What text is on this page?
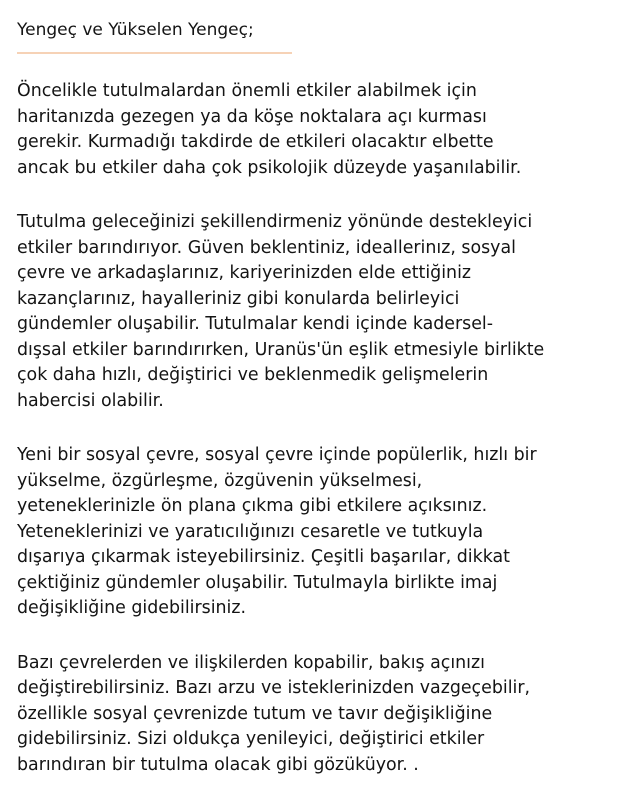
Yengeç ve Yükselen Yengeç;
Öncelikle tutulmalardan önemli etkiler alabilmek için
haritanızda gezegen ya da köşe noktalara açı kurması
gerekir. Kurmadığı takdirde de etkileri olacaktır elbette
ancak bu etkiler daha çok psikolojik düzeyde yaşanılabilir.
Tutulma geleceğinizi şekillendirmeniz yönünde destekleyici
etkiler barındırıyor. Güven beklentiniz, ideallerinız, sosyal
çevre ve arkadaşlarınız, kariyerinizden elde ettiğiniz
kazançlarınız, hayalleriniz gibi konularda belirleyici
gündemler oluşabilir. Tutulmalar kendi içinde kadersel-
dışsal etkiler barındırırken, Uranüs'ün eşlik etmesiyle birlikte
çok daha hızlı, değiştirici ve beklenmedik gelişmelerin
habercisi olabilir.
Yeni bir sosyal çevre, sosyal çevre içinde popülerlik, hızlı bir
yükselme, özgürleşme, özgüvenin yükselmesi,
yeteneklerinizle ön plana çıkma gibi etkilere açıksınız.
Yeteneklerinizi ve yaratıcılığınızı cesaretle ve tutkuyla
dışarıya çıkarmak isteyebilirsiniz. Çeşitli başarılar, dikkat
çektiğiniz gündemler oluşabilir. Tutulmayla birlikte imaj
değişikliğine gidebilirsiniz.
Bazı çevrelerden ve ilişkilerden kopabilir, bakış açınızı
değiştirebilirsiniz. Bazı arzu ve isteklerinizden vazgeçebilir,
özellikle sosyal çevrenizde tutum ve tavır değişikliğine
gidebilirsiniz. Sizi oldukça yenileyici, değiştirici etkiler
barındıran bir tutulma olacak gibi gözüküyor. .
